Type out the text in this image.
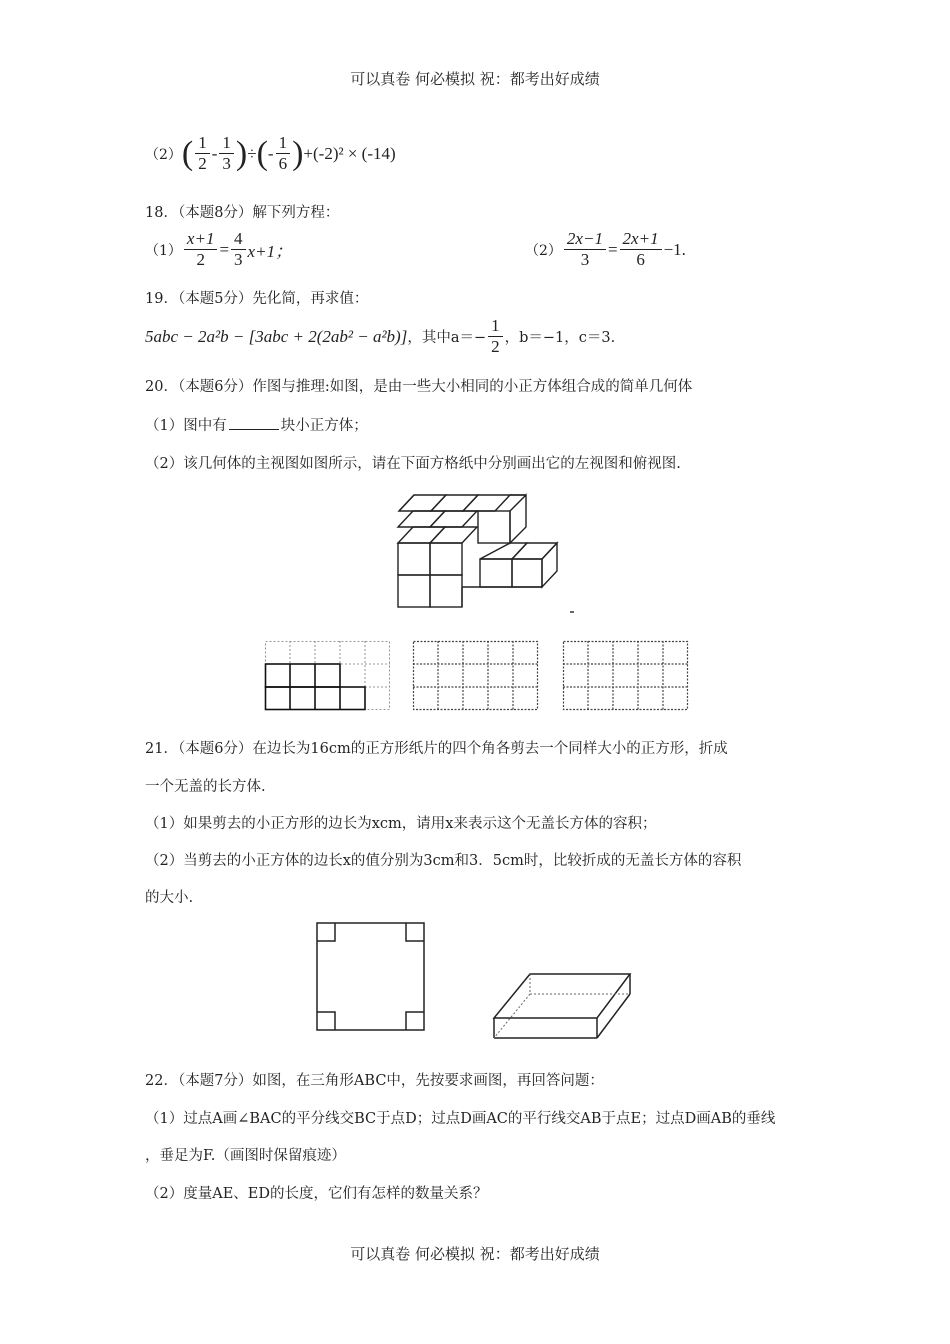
可以真卷 何必模拟 祝：都考出好成绩
（2） ( $\frac{1}{2} - \frac{1}{3}$ ) ÷ ( - $\frac{1}{6}$ ) +(-2)² × (-14)
18．（本题8分）解下列方程：
$(1) \frac{x+1}{2} = \frac{4}{3} x+1$；	$(2) \frac{2x-1}{3} = \frac{2x+1}{6} -1$.
19．（本题5分）先化简，再求值：
5abc − 2a²b − [3abc + 2(2ab² − a²b)] ，其中$a=- \frac{1}{2}$ ，b＝−1，c＝3.
20．（本题6分）作图与推理:如图，是由一些大小相同的小正方体组合成的简单几何体
（1）图中有	块小正方体；
（2）该几何体的主视图如图所示，请在下面方格纸中分别画出它的左视图和俯视图.
21．（本题6分）在边长为16cm的正方形纸片的四个角各剪去一个同样大小的正方形，折成
一个无盖的长方体.
（1）如果剪去的小正方形的边长为xcm，请用x来表示这个无盖长方体的容积；
（2）当剪去的小正方体的边长x的值分别为3cm和3．5cm时，比较折成的无盖长方体的容积
的大小.
22．（本题7分）如图，在三角形ABC中，先按要求画图，再回答问题：
（1）过点A画∠BAC的平分线交BC于点D；过点D画AC的平行线交AB于点E；过点D画AB的垂线
，垂足为F.（画图时保留痕迹）
（2）度量AE、ED的长度，它们有怎样的数量关系？
可以真卷 何必模拟 祝：都考出好成绩
